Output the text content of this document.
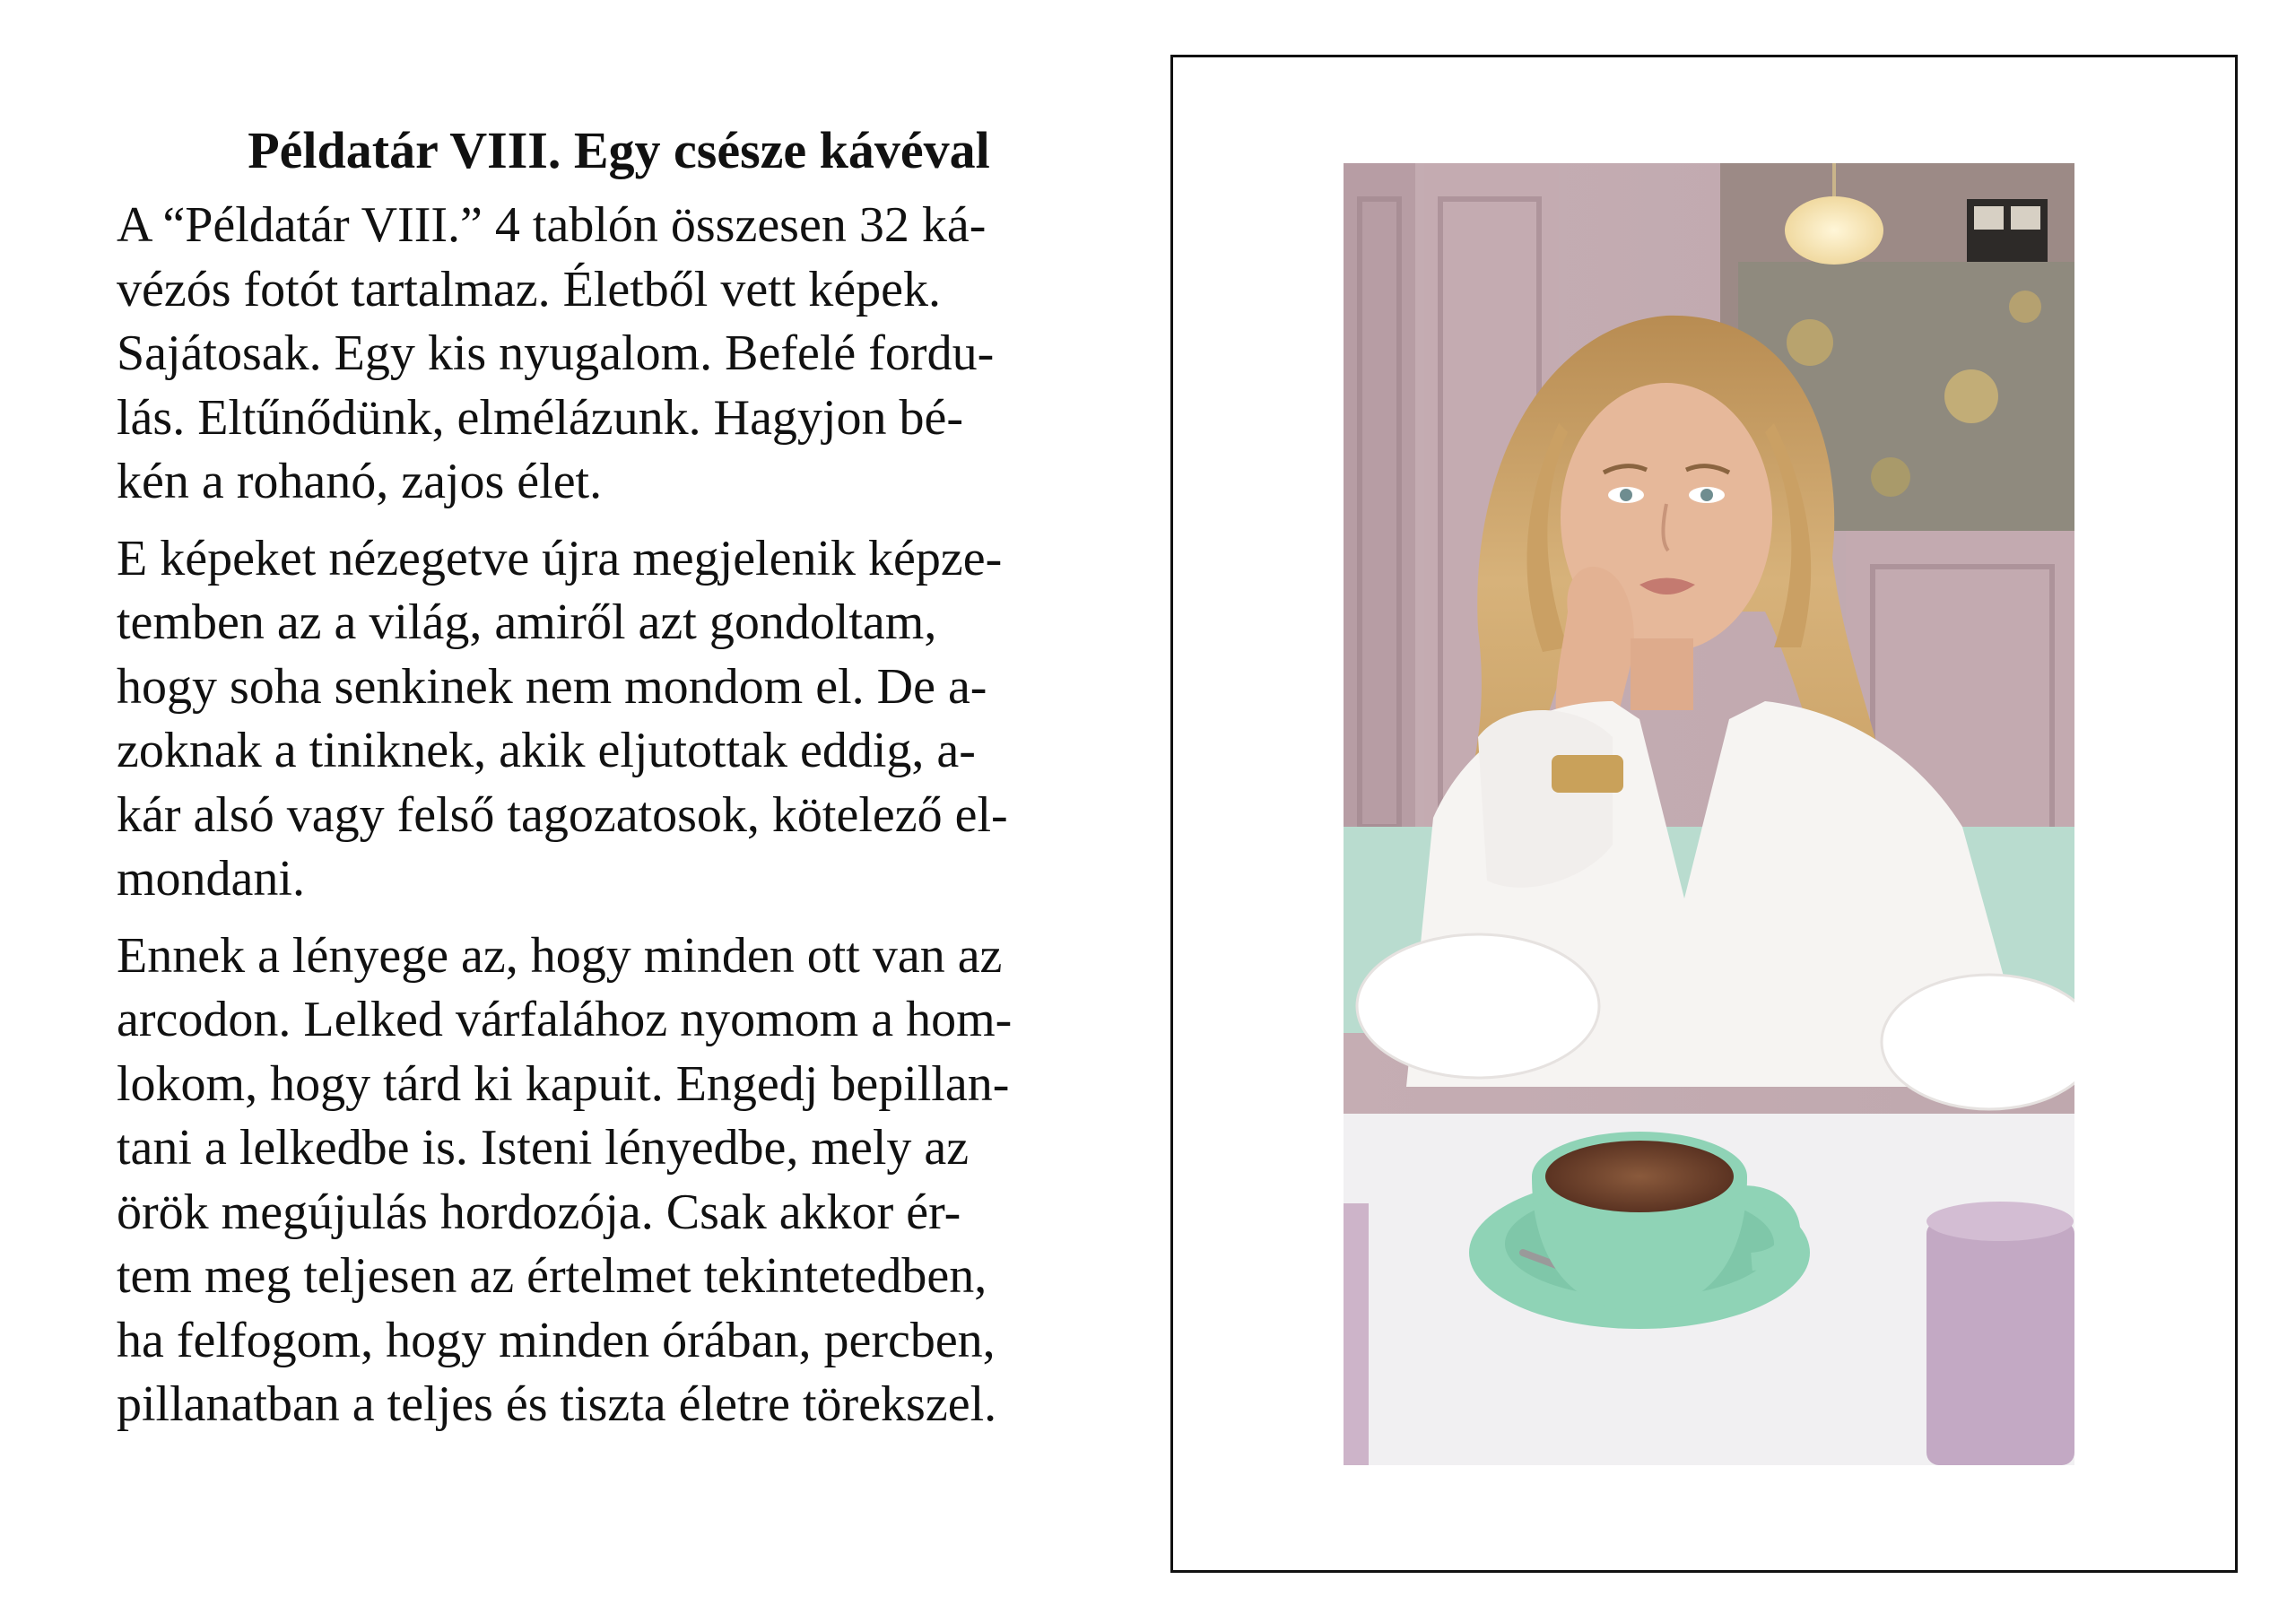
Példatár VIII. Egy csésze kávéval
A “Példatár VIII.” 4 tablón összesen 32 ká-
vézós fotót tartalmaz. Életből vett képek.
Sajátosak. Egy kis nyugalom. Befelé fordu-
lás. Eltűnődünk, elmélázunk. Hagyjon bé-
kén a rohanó, zajos élet.
E képeket nézegetve újra megjelenik képze-
temben az a világ, amiről azt gondoltam,
hogy soha senkinek nem mondom el. De a-
zoknak a tiniknek, akik eljutottak eddig, a-
kár alsó vagy felső tagozatosok, kötelező el-
mondani.
Ennek a lényege az, hogy minden ott van az
arcodon. Lelked várfalához nyomom a hom-
lokom, hogy tárd ki kapuit. Engedj bepillan-
tani a lelkedbe is. Isteni lényedbe, mely az
örök megújulás hordozója. Csak akkor ér-
tem meg teljesen az értelmet tekintetedben,
ha felfogom, hogy minden órában, percben,
pillanatban a teljes és tiszta életre törekszel.
